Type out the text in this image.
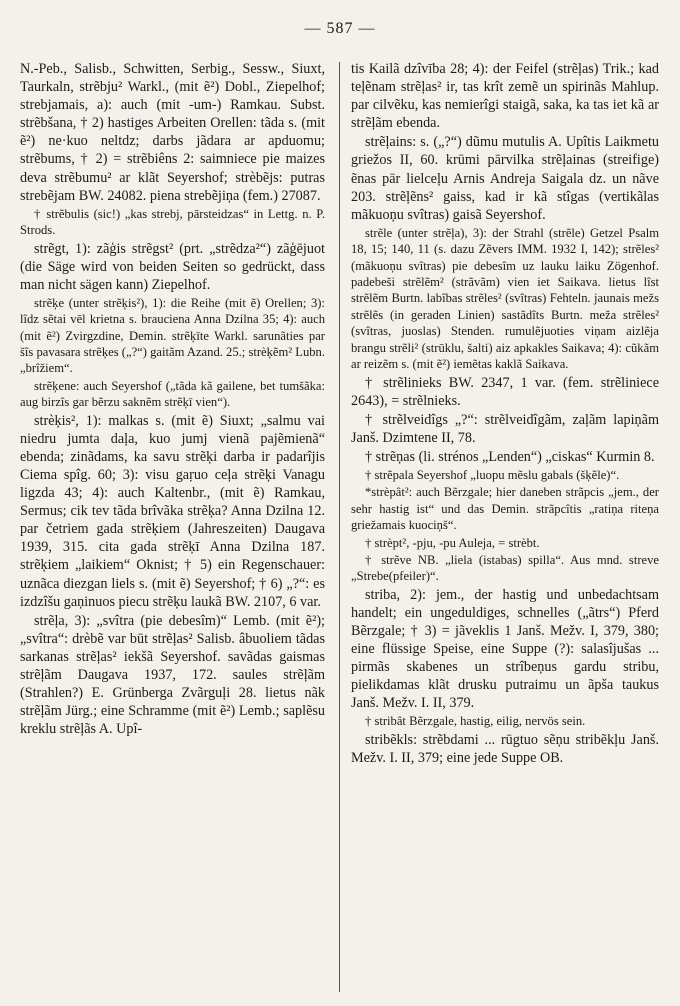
— 587 —

N.-Peb., Salisb., Schwitten, Serbig., Sessw., Siuxt, Taurkaln, strẽbju² Warkl., (mit ẽ²) Dobl., Ziepelhof; strebjamais, a): auch (mit -um-) Ramkau. Subst. strẽbšana, † 2) hastiges Arbeiten Orellen: tãda s. (mit ẽ²) ne·kuo neltdz; darbs jãdara ar apduomu; strẽbums, † 2) = strẽbiêns 2: saimniece pie maizes deva strẽbumu² ar klãt Seyershof; strèbẽjs: putras strebẽjam BW. 24082. piena strebẽjiņa (fem.) 27087.

† strẽbulis (sic!) „kas strebj, pārsteidzas“ in Lettg. n. P. Strods.

strẽgt, 1): zãģis strẽgst² (prt. „strẽdza²“) zãģējuot (die Säge wird von beiden Seiten so gedrückt, dass man nicht sägen kann) Ziepelhof.

strẽķe (unter strẽķis²), 1): die Reihe (mit ẽ) Orellen; 3): lîdz sẽtai vēl krietna s. brauciena Anna Dzilna 35; 4): auch (mit ẽ²) Zvirgzdine, Demin. strẽķīte Warkl. sarunãties par šîs pavasara strẽķes („?“) gaitãm Azand. 25.; strèķẽm² Lubn. „brîžiem“.

strẽķene: auch Seyershof („tãda kã gailene, bet tumšãka: aug birzîs gar bẽrzu saknẽm strẽķī vien“).

strèķis², 1): malkas s. (mit ẽ) Siuxt; „salmu vai niedru jumta daļa, kuo jumj vienã pajẽmienã“ ebenda; zinãdams, ka savu strẽķi darba ir padarîjis Ciema spîg. 60; 3): visu gaṛuo ceļa strẽķi Vanagu ligzda 43; 4): auch Kaltenbr., (mit ẽ) Ramkau, Sermus; cik tev tãda brîvãka strẽķa? Anna Dzilna 12. par četriem gada strẽķiem (Jahreszeiten) Daugava 1939, 315. cita gada strẽķī Anna Dzilna 187. strẽķiem „laikiem“ Oknist; † 5) ein Regenschauer: uznãca diezgan liels s. (mit ẽ) Seyershof; † 6) „?“: es izdzîšu gaņinuos piecu strẽķu laukã BW. 2107, 6 var.

strẽļa, 3): „svîtra (pie debesîm)“ Lemb. (mit ẽ²); „svîtra“: drèbẽ var būt strẽļas² Salisb. âbuoliem tãdas sarkanas strẽļas² iekšã Seyershof. savãdas gaismas strẽļãm Daugava 1937, 172. saules strẽļãm (Strahlen?) E. Grünberga Zvãrguļi 28. lietus nãk strẽļãm Jürg.; eine Schramme (mit ẽ²) Lemb.; saplẽsu kreklu strẽļãs A. Upî-

tis Kailã dzîvība 28; 4): der Feifel (strẽļas) Trik.; kad teļẽnam strẽļas² ir, tas krît zemẽ un spirinãs Mahlup. par cilvẽku, kas nemierîgi staigã, saka, ka tas iet kã ar strẽļãm ebenda.

strẽļains: s. („?“) dũmu mutulis A. Upîtis Laikmetu griežos II, 60. krūmi pārvilka strẽļainas (streifige) ẽnas pār lielceļu Arnis Andreja Saigala dz. un nãve 203. strẽļẽns² gaiss, kad ir kã stîgas (vertikãlas mãkuoņu svîtras) gaisã Seyershof.

strẽle (unter strẽļa), 3): der Strahl (strẽle) Getzel Psalm 18, 15; 140, 11 (s. dazu Zẽvers IMM. 1932 I, 142); strẽles² (mãkuoņu svîtras) pie debesîm uz lauku laiku Zögenhof. padebeši strẽlẽm² (strãvãm) vien iet Saikava. lietus lîst strẽlẽm Burtn. labîbas strẽles² (svîtras) Fehteln. jaunais mežs strẽlẽs (in geraden Linien) sastãdîts Burtn. meža strẽles² (svîtras, juoslas) Stenden. rumulẽjuoties viņam aizlẽja brangu strẽli² (strūklu, šalti) aiz apkakles Saikava; 4): cũkãm ar reizẽm s. (mit ẽ²) iemẽtas kaklã Saikava.

† strẽlinieks BW. 2347, 1 var. (fem. strẽliniece 2643), = strẽlnieks.

† strẽlveidîgs „?“: strẽlveidîgãm, zaļãm lapiņãm Janš. Dzimtene II, 78.

† strẽņas (li. strénos „Lenden“) „ciskas“ Kurmin 8.

† strẽpala Seyershof „luopu mẽslu gabals (šķẽle)“.

*strèpât²: auch Bẽrzgale; hier daneben strãpcis „jem., der sehr hastig ist“ und das Demin. strãpcîtis „ratiņa riteņa griežamais kuociņš“.

† strèpt², -pju, -pu Auleja, = strèbt.

† strẽve NB. „liela (istabas) spilla“. Aus mnd. streve „Strebe(pfeiler)“.

striba, 2): jem., der hastig und unbedachtsam handelt; ein ungeduldiges, schnelles („ãtrs“) Pferd Bẽrzgale; † 3) = jãveklis 1 Janš. Mežv. I, 379, 380; eine flüssige Speise, eine Suppe (?): salasîjušas ... pirmãs skabenes un strîbeņus gardu stribu, pielikdamas klãt drusku putraimu un ãpša taukus Janš. Mežv. I. II, 379.

† stribât Bẽrzgale, hastig, eilig, nervös sein.

stribẽkls: strẽbdami ... rūgtuo sẽņu stribẽkļu Janš. Mežv. I. II, 379; eine jede Suppe OB.
